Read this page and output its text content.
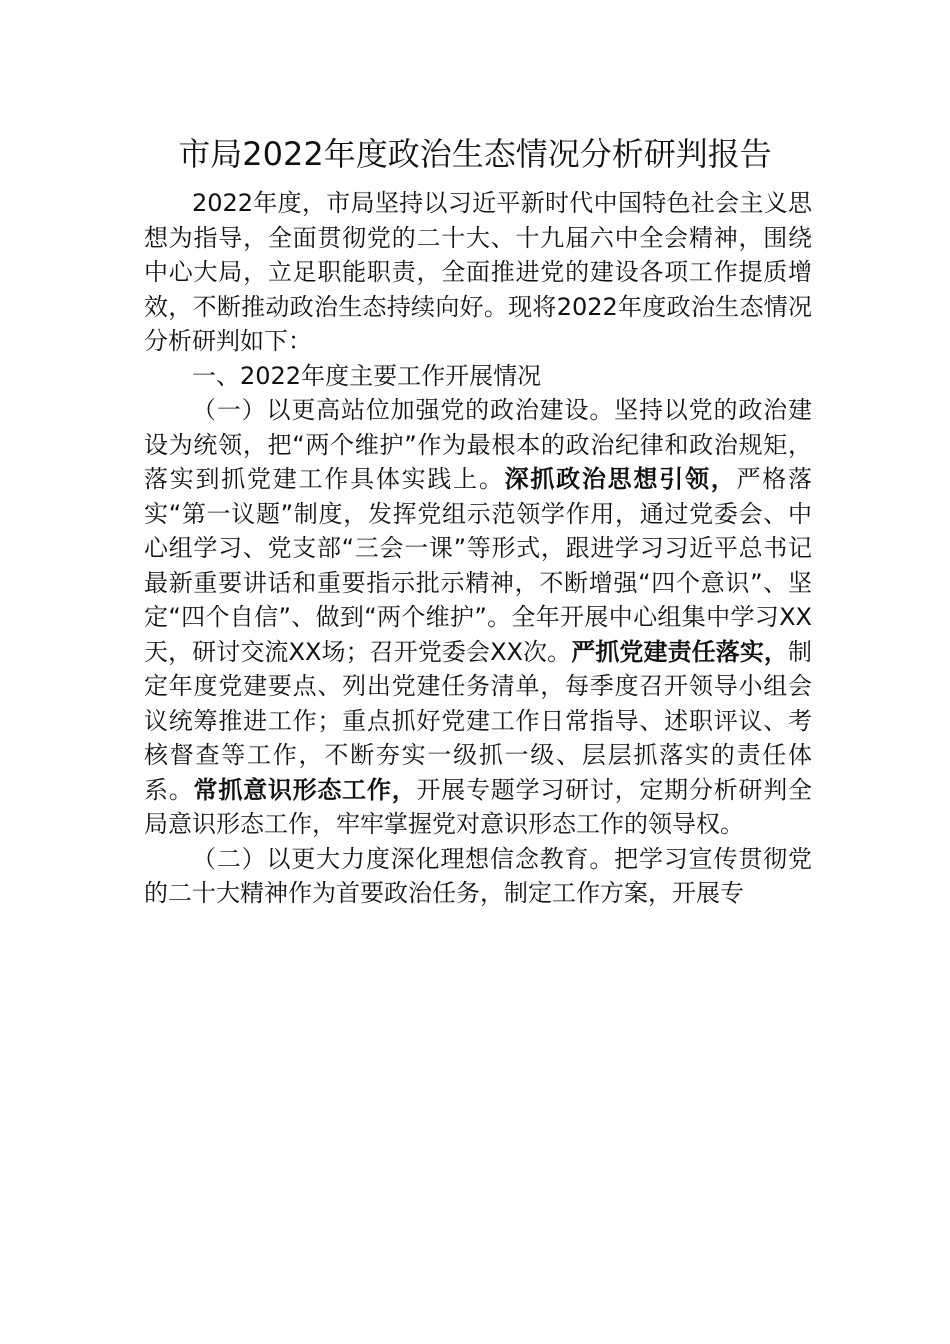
市局2022年度政治生态情况分析研判报告

2022年度，市局坚持以习近平新时代中国特色社会主义思想为指导，全面贯彻党的二十大、十九届六中全会精神，围绕中心大局，立足职能职责，全面推进党的建设各项工作提质增效，不断推动政治生态持续向好。现将2022年度政治生态情况分析研判如下：

一、2022年度主要工作开展情况

（一）以更高站位加强党的政治建设。坚持以党的政治建设为统领，把“两个维护”作为最根本的政治纪律和政治规矩，落实到抓党建工作具体实践上。深抓政治思想引领，严格落实“第一议题”制度，发挥党组示范领学作用，通过党委会、中心组学习、党支部“三会一课”等形式，跟进学习习近平总书记最新重要讲话和重要指示批示精神，不断增强“四个意识”、坚定“四个自信”、做到“两个维护”。全年开展中心组集中学习XX天，研讨交流XX场；召开党委会XX次。严抓党建责任落实，制定年度党建要点、列出党建任务清单，每季度召开领导小组会议统筹推进工作；重点抓好党建工作日常指导、述职评议、考核督查等工作，不断夯实一级抓一级、层层抓落实的责任体系。常抓意识形态工作，开展专题学习研讨，定期分析研判全局意识形态工作，牢牢掌握党对意识形态工作的领导权。

（二）以更大力度深化理想信念教育。把学习宣传贯彻党的二十大精神作为首要政治任务，制定工作方案，开展专
